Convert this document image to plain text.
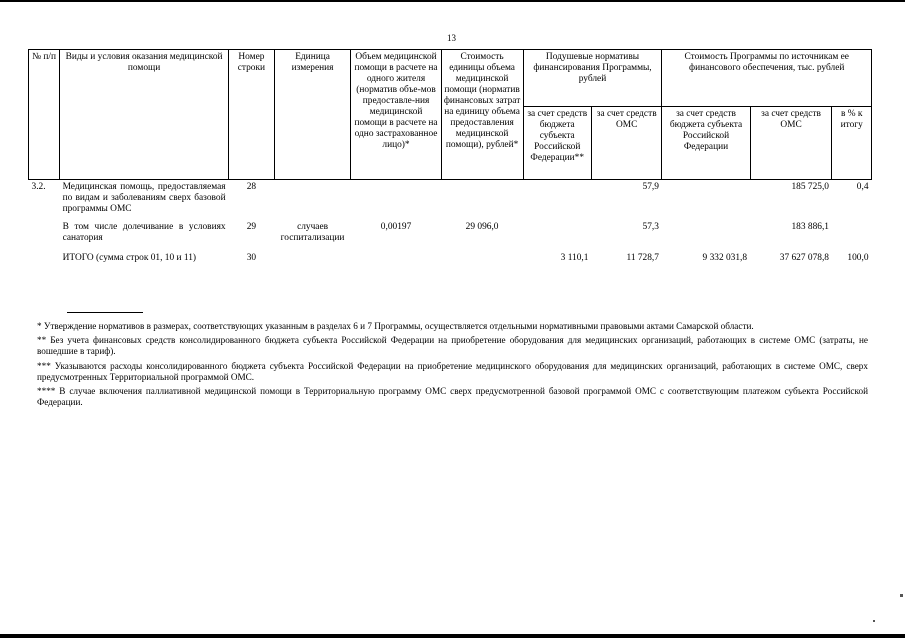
13
№ п/п	Виды и условия оказания медицинской помощи	Номер строки	Единица измерения	Объем медицинской помощи в расчете на одного жителя (норматив объе-мов предоставле-ния медицинской помощи в расчете на одно застрахованное лицо)*	Стоимость единицы объема медицинской помощи (норматив финансовых затрат на единицу объема предоставления медицинской помощи), рублей*	Подушевые нормативы финансирования Программы, рублей		Стоимость Программы по источникам ее финансового обеспечения, тыс. рублей		
						за счет средств бюджета субъекта Российской Федерации**	за счет средств ОМС	за счет средств бюджета субъекта Российской Федерации	за счет средств ОМС	в % к итогу
3.2.	Медицинская помощь, предоставляемая по видам и заболеваниям сверх базовой программы ОМС	28					57,9		185 725,0	0,4
	В том числе долечивание в условиях санатория	29	случаев госпитализации	0,00197	29 096,0		57,3		183 886,1	
	ИТОГО (сумма строк 01, 10 и 11)	30				3 110,1	11 728,7	9 332 031,8	37 627 078,8	100,0

* Утверждение нормативов в размерах, соответствующих указанным в разделах 6 и 7 Программы, осуществляется отдельными нормативными правовыми актами Самарской области.

** Без учета финансовых средств консолидированного бюджета субъекта Российской Федерации на приобретение оборудования для медицинских организаций, работающих в системе ОМС (затраты, не вошедшие в тариф).

*** Указываются расходы консолидированного бюджета субъекта Российской Федерации на приобретение медицинского оборудования для медицинских организаций, работающих в системе ОМС, сверх предусмотренных Территориальной программой ОМС.

**** В случае включения паллиативной медицинской помощи в Территориальную программу ОМС сверх предусмотренной базовой программой ОМС с соответствующим платежом субъекта Российской Федерации.
